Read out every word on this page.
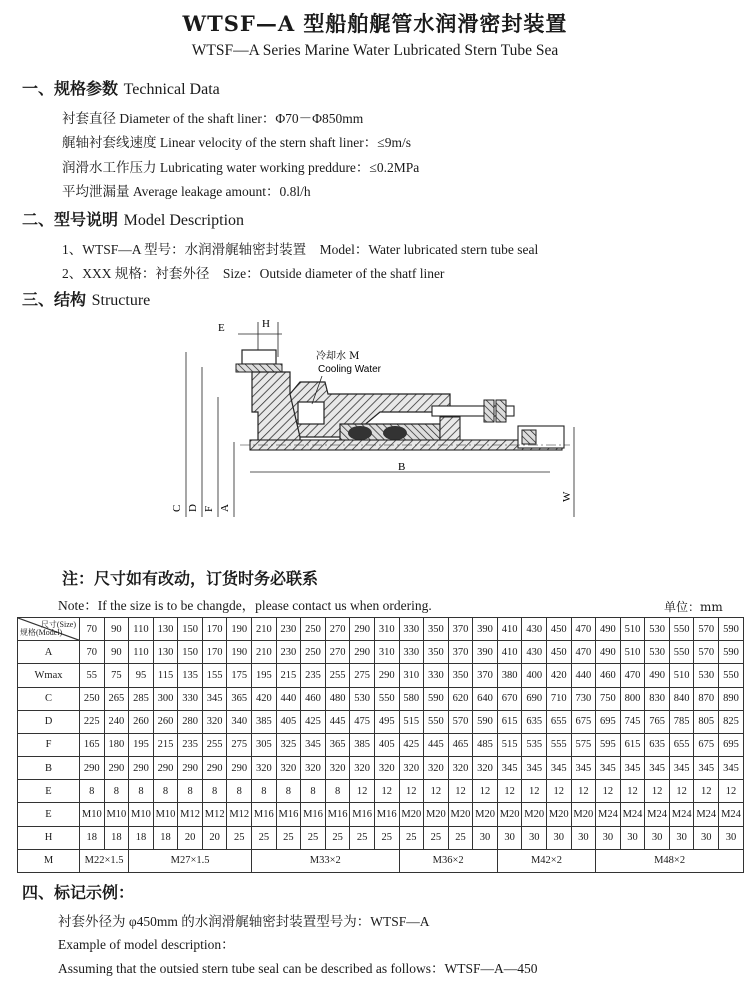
WTSF—A 型船舶艉管水润滑密封装置
WTSF—A Series Marine Water Lubricated Stern Tube Sea
一、规格参数 Technical Data
衬套直径 Diameter of the shaft liner：Φ70－Φ850mm
艉轴衬套线速度 Linear velocity of the stern shaft liner：≤9m/s
润滑水工作压力 Lubricating water working preddure：≤0.2MPa
平均泄漏量 Average leakage amount：0.8l/h
二、型号说明 Model Description
1、WTSF—A 型号：水润滑艉轴密封装置　Model：Water lubricated stern tube seal
2、XXX 规格：衬套外径　Size：Outside diameter of the shatf liner
三、结构 Structure
E	H
冷却水 M
Cooling Water
B
C D F A
W
注：尺寸如有改动，订货时务必联系
Note：If the size is to be changde，please contact us when ordering.	单位：mm
尺寸(Size)
规格(Model)	70	90	110	130	150	170	190	210	230	250	270	290	310	330	350	370	390	410	430	450	470	490	510	530	550	570	590
A	70	90	110	130	150	170	190	210	230	250	270	290	310	330	350	370	390	410	430	450	470	490	510	530	550	570	590
Wmax	55	75	95	115	135	155	175	195	215	235	255	275	290	310	330	350	370	380	400	420	440	460	470	490	510	530	550
C	250	265	285	300	330	345	365	420	440	460	480	530	550	580	590	620	640	670	690	710	730	750	800	830	840	870	890
D	225	240	260	260	280	320	340	385	405	425	445	475	495	515	550	570	590	615	635	655	675	695	745	765	785	805	825
F	165	180	195	215	235	255	275	305	325	345	365	385	405	425	445	465	485	515	535	555	575	595	615	635	655	675	695
B	290	290	290	290	290	290	290	320	320	320	320	320	320	320	320	320	320	345	345	345	345	345	345	345	345	345	345
E	8	8	8	8	8	8	8	8	8	8	8	12	12	12	12	12	12	12	12	12	12	12	12	12	12	12	12
E	M10	M10	M10	M10	M12	M12	M12	M16	M16	M16	M16	M16	M16	M20	M20	M20	M20	M20	M20	M20	M20	M24	M24	M24	M24	M24	M24
H	18	18	18	18	20	20	25	25	25	25	25	25	25	25	25	25	30	30	30	30	30	30	30	30	30	30	30
M	M22×1.5		M27×1.5					M33×2						M36×2				M42×2				M48×2					
四、标记示例：
衬套外径为 φ450mm 的水润滑艉轴密封装置型号为：WTSF—A
Example of model description：
Assuming that the outsied stern tube seal can be described as follows：WTSF—A—450
